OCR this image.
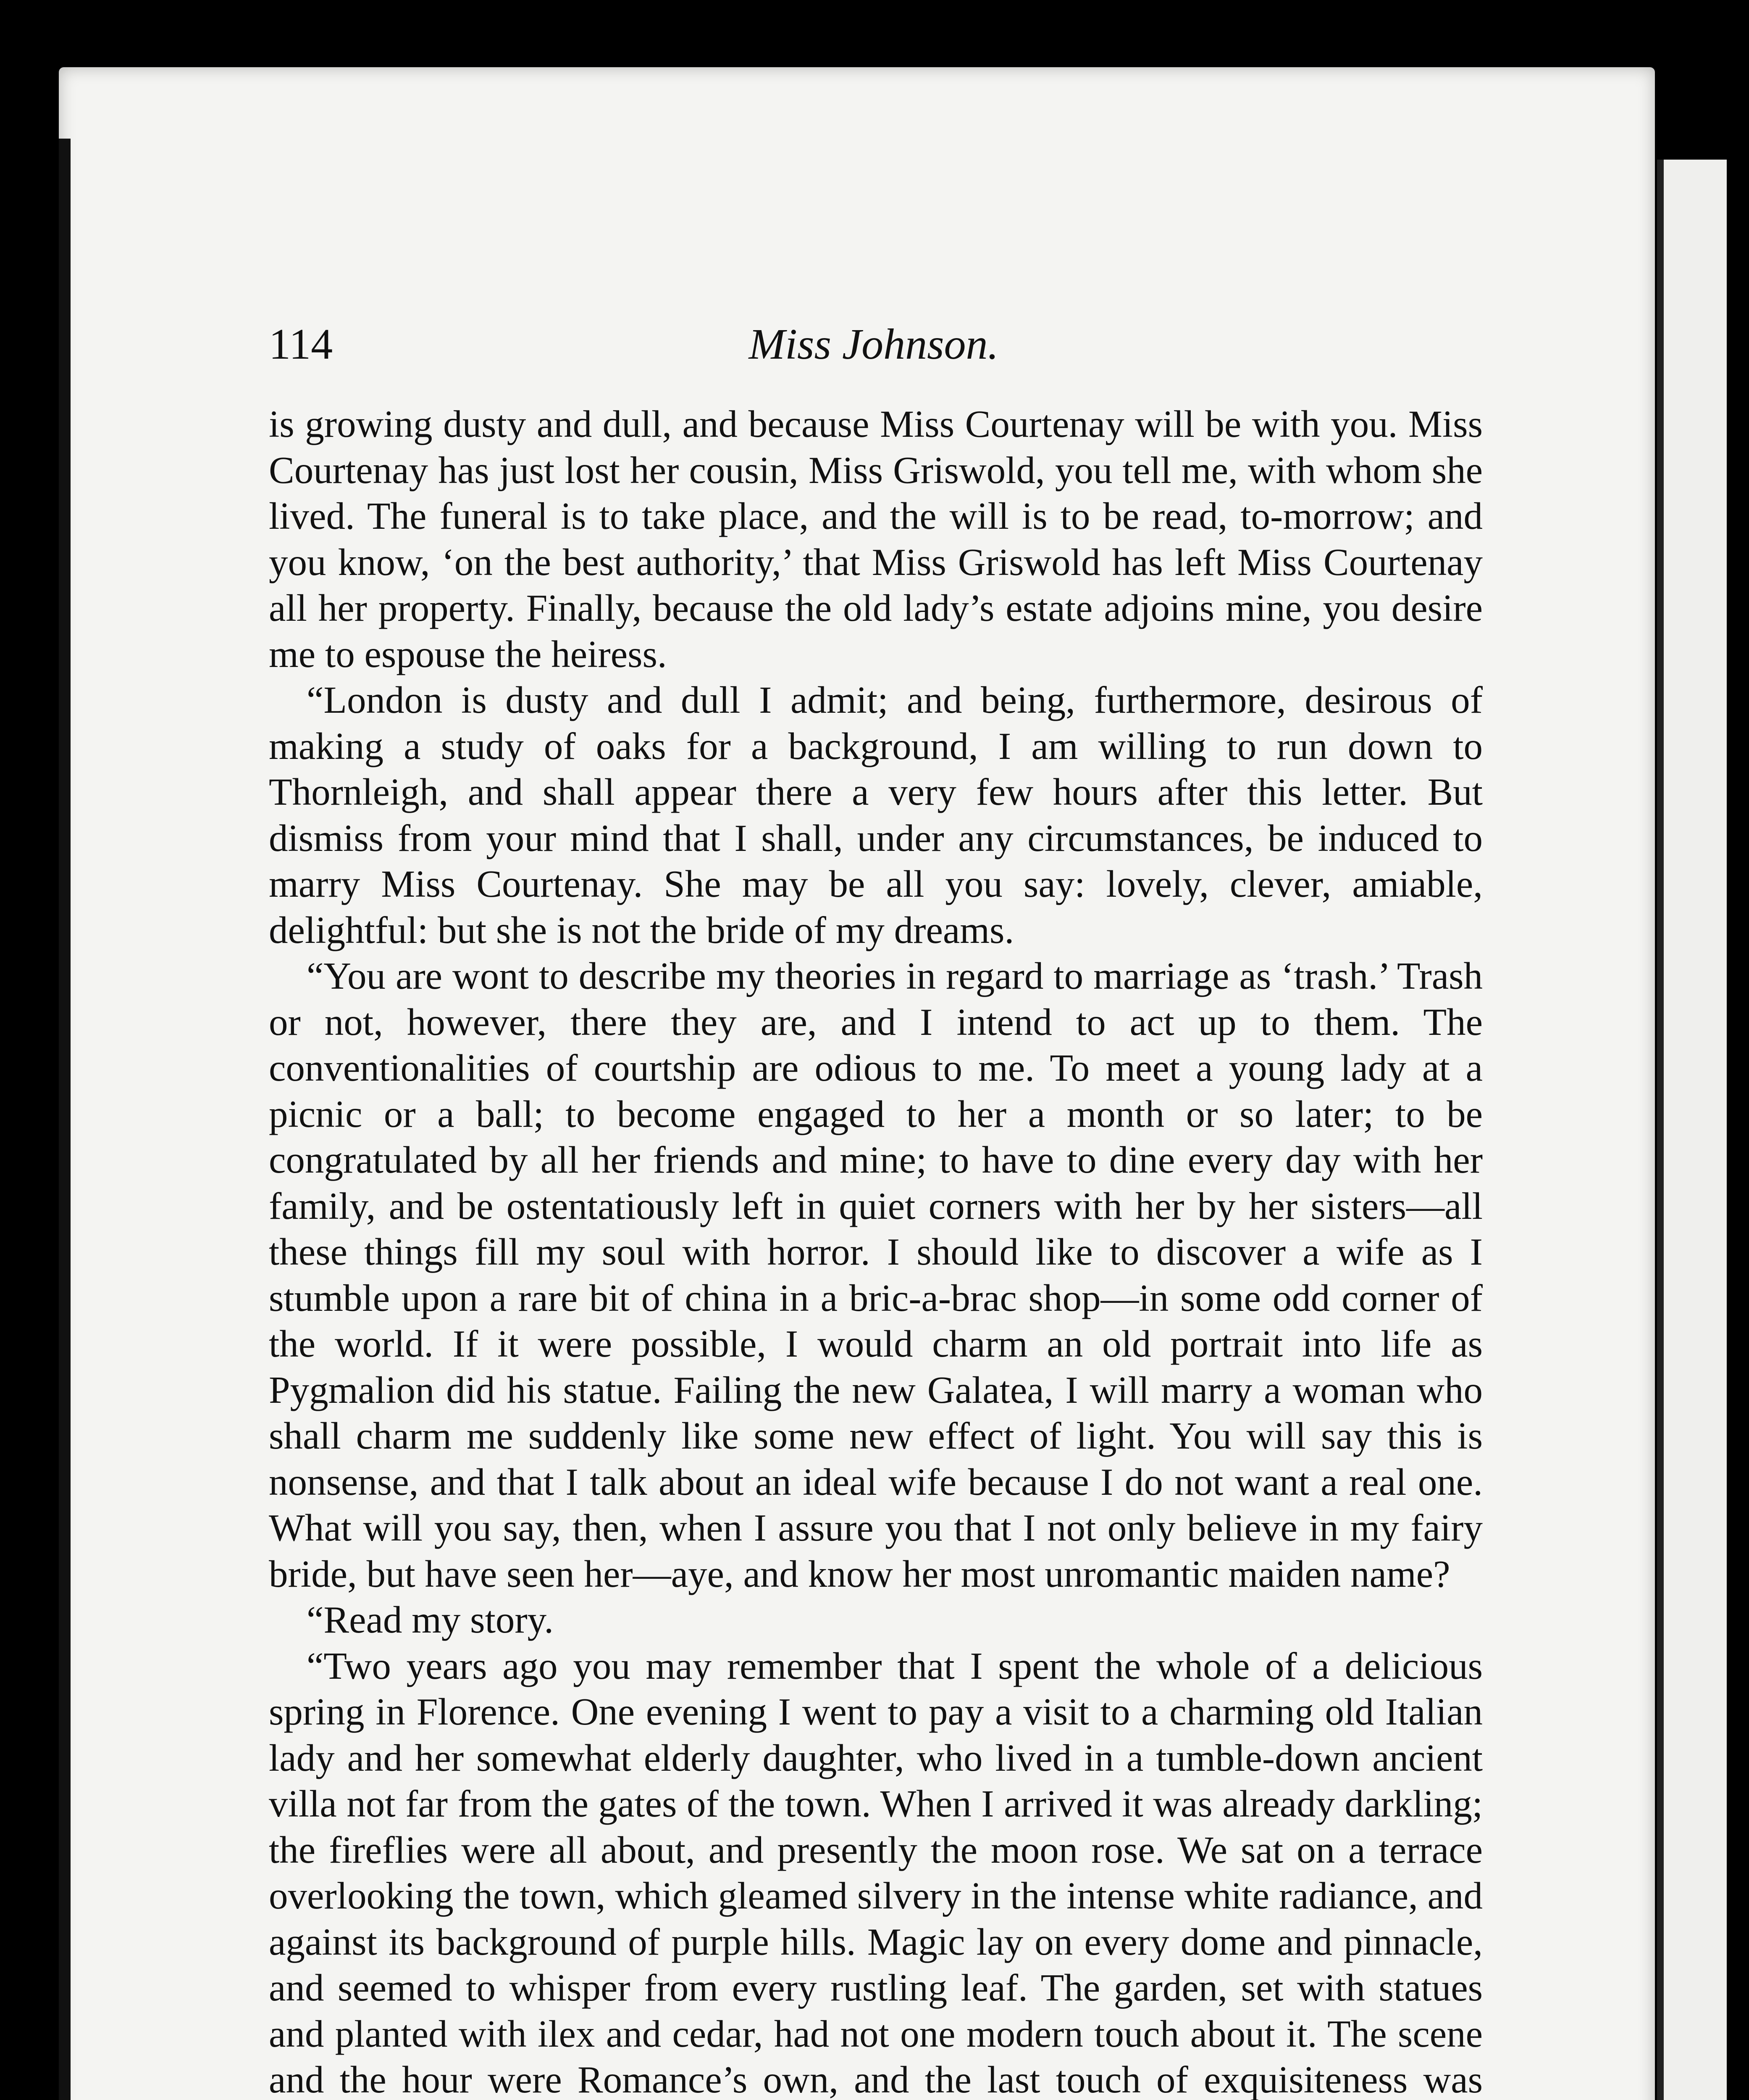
114	Miss Johnson.

is growing dusty and dull, and because Miss Courtenay will be with you. Miss Courtenay has just lost her cousin, Miss Griswold, you tell me, with whom she lived. The funeral is to take place, and the will is to be read, to-morrow; and you know, ‘on the best authority,’ that Miss Griswold has left Miss Courtenay all her property. Finally, because the old lady’s estate adjoins mine, you desire me to espouse the heiress.

“London is dusty and dull I admit; and being, furthermore, desirous of making a study of oaks for a background, I am willing to run down to Thornleigh, and shall appear there a very few hours after this letter. But dismiss from your mind that I shall, under any circumstances, be induced to marry Miss Courtenay. She may be all you say: lovely, clever, amiable, delightful: but she is not the bride of my dreams.

“You are wont to describe my theories in regard to marriage as ‘trash.’ Trash or not, however, there they are, and I intend to act up to them. The conventionalities of courtship are odious to me. To meet a young lady at a picnic or a ball; to become engaged to her a month or so later; to be congratulated by all her friends and mine; to have to dine every day with her family, and be ostentatiously left in quiet corners with her by her sisters—all these things fill my soul with horror. I should like to discover a wife as I stumble upon a rare bit of china in a bric-a-brac shop—in some odd corner of the world. If it were possible, I would charm an old portrait into life as Pygmalion did his statue. Failing the new Galatea, I will marry a woman who shall charm me suddenly like some new effect of light. You will say this is nonsense, and that I talk about an ideal wife because I do not want a real one. What will you say, then, when I assure you that I not only believe in my fairy bride, but have seen her—aye, and know her most unromantic maiden name?

“Read my story.

“Two years ago you may remember that I spent the whole of a delicious spring in Florence. One evening I went to pay a visit to a charming old Italian lady and her somewhat elderly daughter, who lived in a tumble-down ancient villa not far from the gates of the town. When I arrived it was already darkling; the fireflies were all about, and presently the moon rose. We sat on a terrace overlooking the town, which gleamed silvery in the intense white radiance, and against its background of purple hills. Magic lay on every dome and pinnacle, and seemed to whisper from every rustling leaf. The garden, set with statues and planted with ilex and cedar, had not one modern touch about it. The scene and the hour were Romance’s own, and the last touch of exquisiteness was
